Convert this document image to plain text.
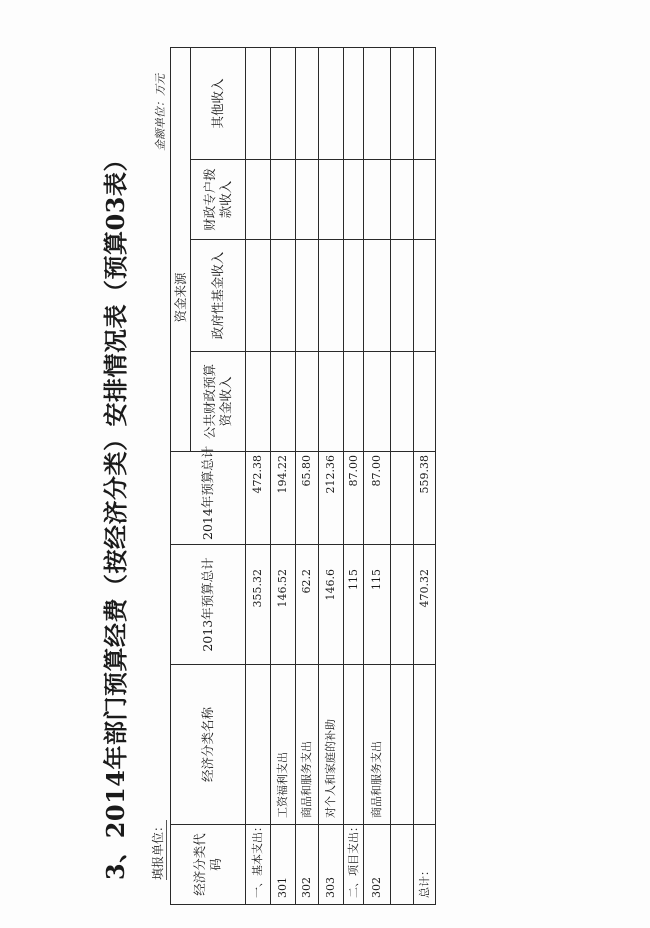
3、2014年部门预算经费（按经济分类）安排情况表（预算03表）	填报单位：
金额单位：万元
经济分类代码	经济分类名称	2013年预算总计	2014年预算总计	资金来源			
				公共财政预算资金收入	政府性基金收入	财政专户拨款收入	其他收入
一、基本支出：		355.32	472.38				
301	工资福利支出	146.52	194.22				
302	商品和服务支出	62.2	65.80				
303	对个人和家庭的补助	146.6	212.36				
二、项目支出：		115	87.00				
302	商品和服务支出	115	87.00				

总计：		470.32	559.38				
